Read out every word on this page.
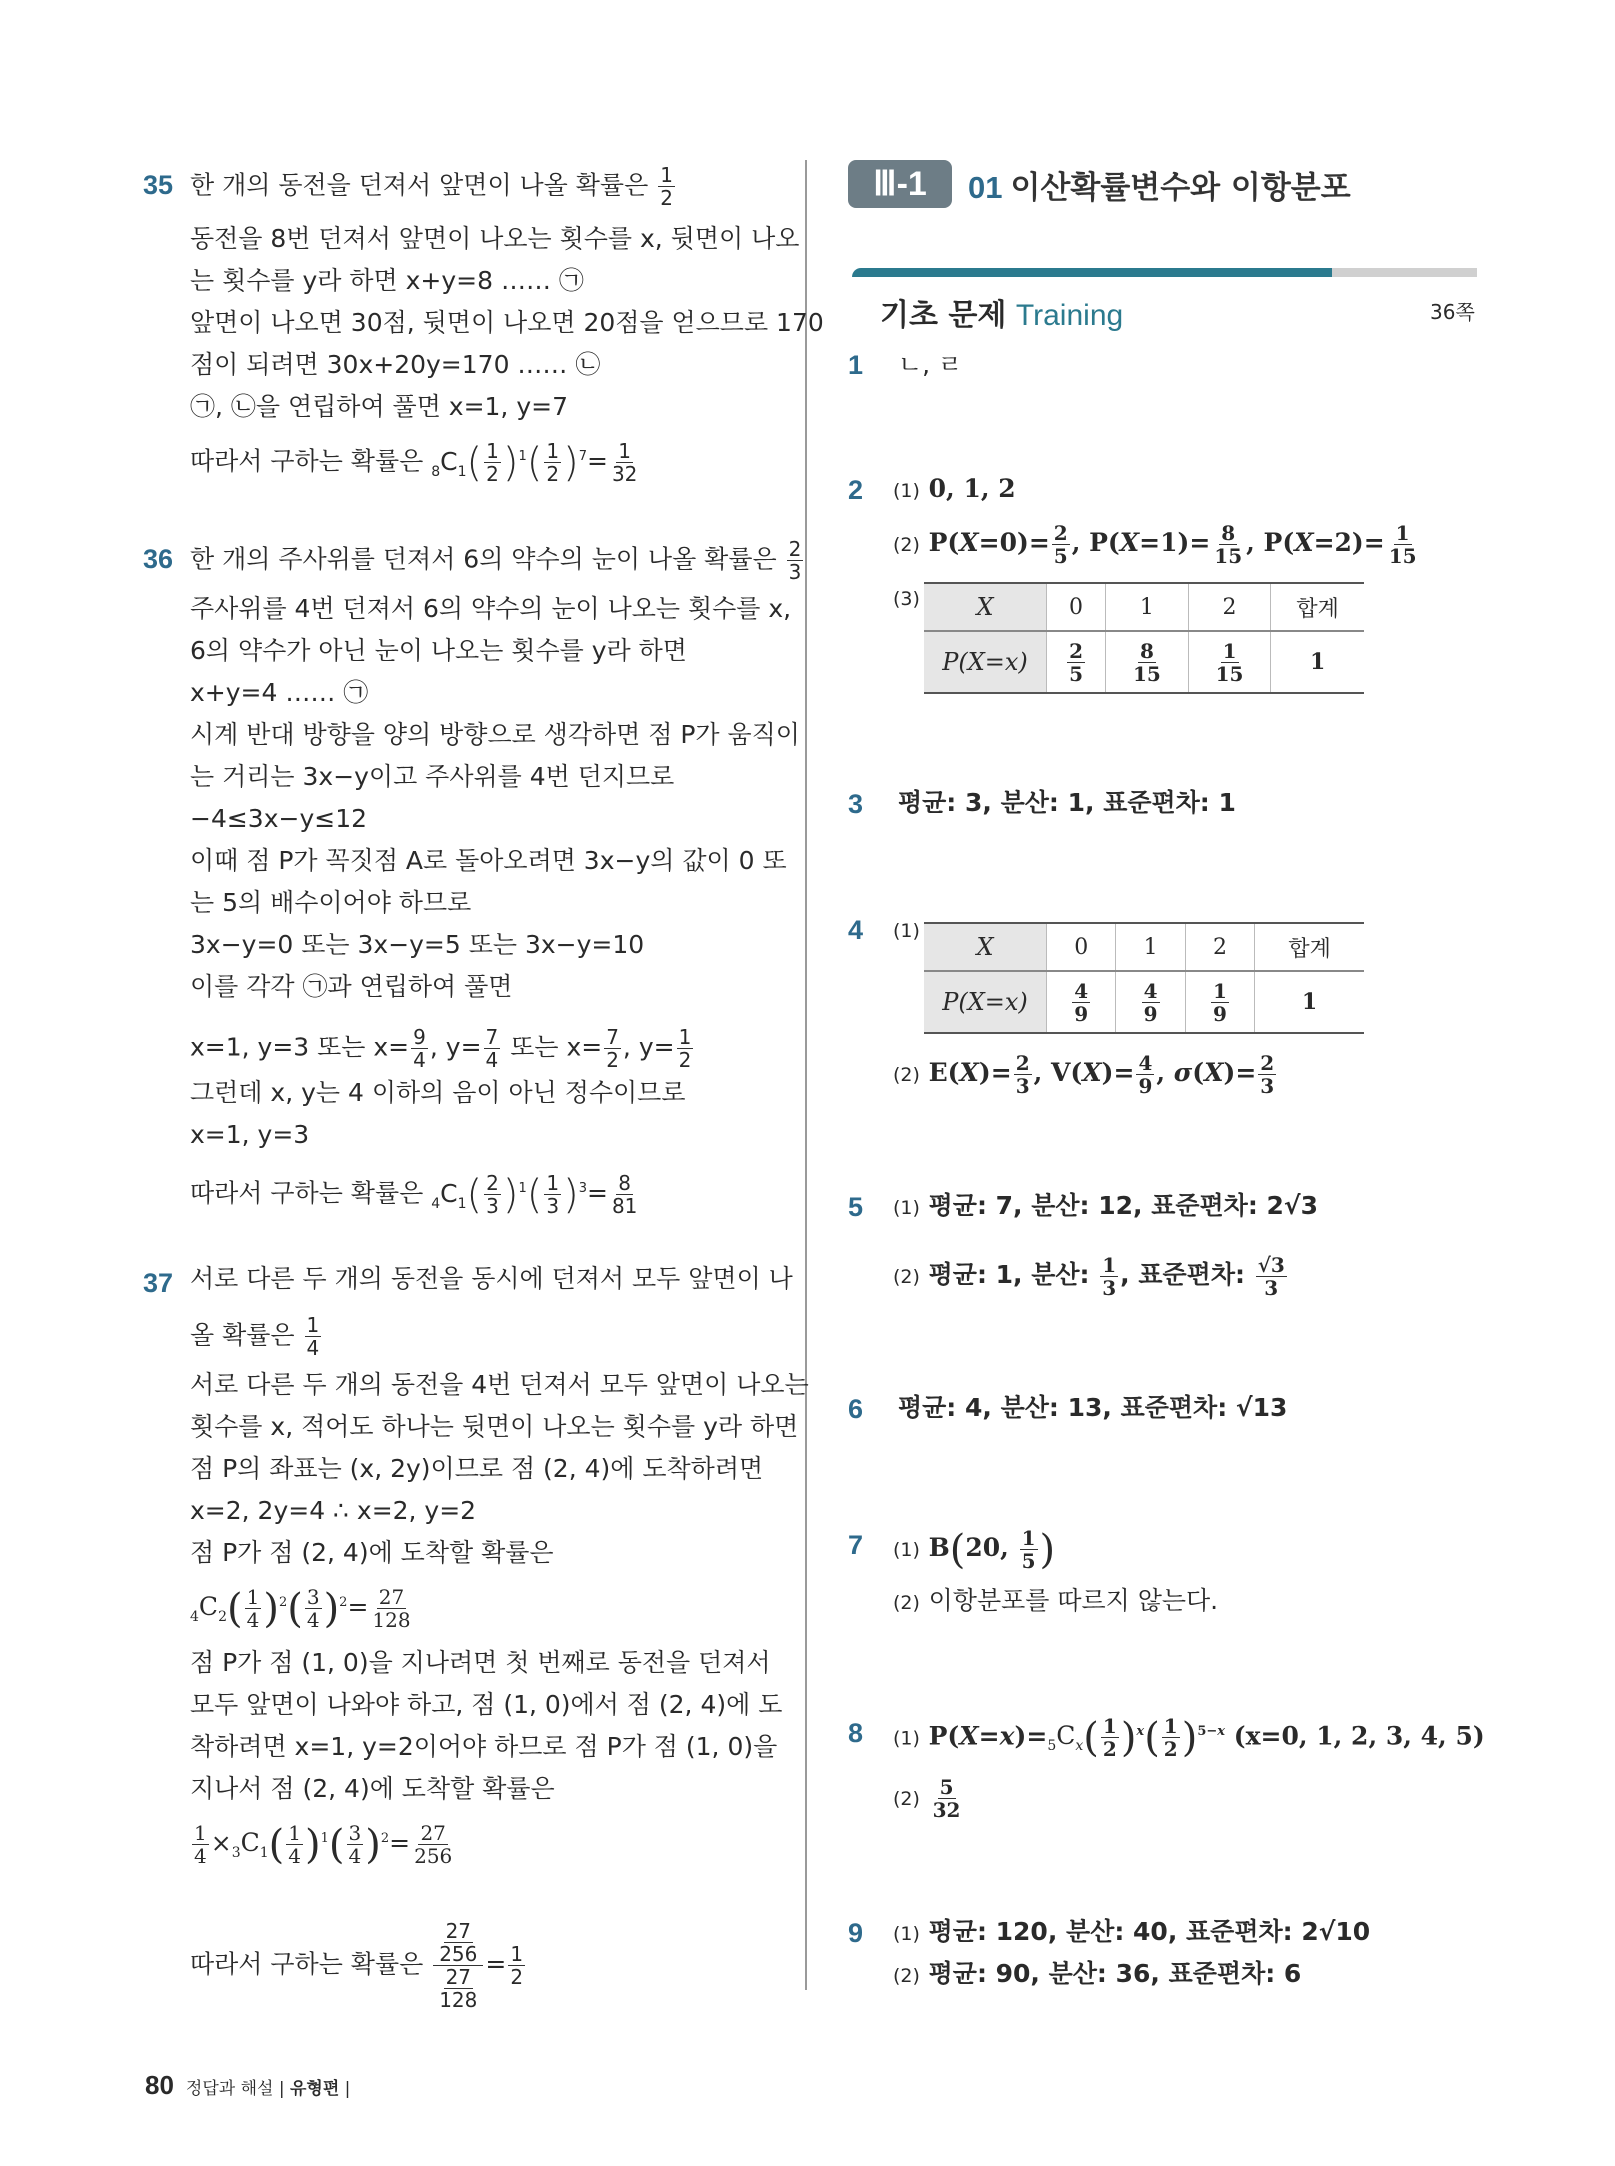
35 한 개의 동전을 던져서 앞면이 나올 확률은 $\frac{1}{2}$
동전을 8번 던져서 앞면이 나오는 횟수를 x, 뒷면이 나오
는 횟수를 y라 하면 x+y=8 …… ㉠
앞면이 나오면 30점, 뒷면이 나오면 20점을 얻으므로 170
점이 되려면 30x+20y=170 …… ㉡
㉠, ㉡을 연립하여 풀면 x=1, y=7
따라서 구하는 확률은 $_8C_1( \frac{1}{2} )^1( \frac{1}{2} )^7= \frac{1}{32}$
36 한 개의 주사위를 던져서 6의 약수의 눈이 나올 확률은 $\frac{2}{3}$
주사위를 4번 던져서 6의 약수의 눈이 나오는 횟수를 x,
6의 약수가 아닌 눈이 나오는 횟수를 y라 하면
x+y=4 …… ㉠
시계 반대 방향을 양의 방향으로 생각하면 점 P가 움직이
는 거리는 3x−y이고 주사위를 4번 던지므로
−4≤3x−y≤12
이때 점 P가 꼭짓점 A로 돌아오려면 3x−y의 값이 0 또
는 5의 배수이어야 하므로
3x−y=0 또는 3x−y=5 또는 3x−y=10
이를 각각 ㉠과 연립하여 풀면
x=1, y=3 또는 $x= \frac{9}{4}$ , $y= \frac{7}{4}$ 또는 $x= \frac{7}{2}$ , $y= \frac{1}{2}$
그런데 x, y는 4 이하의 음이 아닌 정수이므로
x=1, y=3
따라서 구하는 확률은 $_4C_1( \frac{2}{3} )^1( \frac{1}{3} )^3= \frac{8}{81}$
37 서로 다른 두 개의 동전을 동시에 던져서 모두 앞면이 나
올 확률은 $\frac{1}{4}$
서로 다른 두 개의 동전을 4번 던져서 모두 앞면이 나오는
횟수를 x, 적어도 하나는 뒷면이 나오는 횟수를 y라 하면
점 P의 좌표는 (x, 2y)이므로 점 (2, 4)에 도착하려면
x=2, 2y=4 ∴ x=2, y=2
점 P가 점 (2, 4)에 도착할 확률은
$_4C_2( \frac{1}{4} )^2( \frac{3}{4} )^2= \frac{27}{128}$
점 P가 점 (1, 0)을 지나려면 첫 번째로 동전을 던져서
모두 앞면이 나와야 하고, 점 (1, 0)에서 점 (2, 4)에 도
착하려면 x=1, y=2이어야 하므로 점 P가 점 (1, 0)을
지나서 점 (2, 4)에 도착할 확률은
$\frac{1}{4} \times_3C_1( \frac{1}{4} )^1( \frac{3}{4} )^2= \frac{27}{256}$
따라서 구하는 확률은 $\frac{\frac{27}{256}}{\frac{27}{128}} = \frac{1}{2}$
Ⅲ-1	01 이산확률변수와 이항분포
기초 문제 Training	36쪽
1 ㄴ, ㄹ
2 (1) 0, 1, 2
(2) $P(X=0)= \frac{2}{5}$ , $P(X=1)= \frac{8}{15}$ , $P(X=2)= \frac{1}{15}$
(3) X	0	1	2	합계
P(X=x)	$\frac{2}{5}$	$\frac{8}{15}$	$\frac{1}{15}$	1
3 평균: 3, 분산: 1, 표준편차: 1
4 (1)
X	0	1	2	합계
P(X=x)	$\frac{4}{9}$	$\frac{4}{9}$	$\frac{1}{9}$	1
(2) $E(X)= \frac{2}{3}$ , $V(X)= \frac{4}{9}$ , $\sigma(X)= \frac{2}{3}$
5 (1) 평균: 7, 분산: 12, 표준편차: 2√3
(2) 평균: 1, 분산: $\frac{1}{3}$ , 표준편차: $\frac{√3}{3}$
6 평균: 4, 분산: 13, 표준편차: √13
7 (1) B(20, $\frac{1}{5}$ )
(2) 이항분포를 따르지 않는다.
8 (1) $P(X=x)=_5C_x( \frac{1}{2} )^x( \frac{1}{2} )^{5-x}$ (x=0, 1, 2, 3, 4, 5)
$(2) \frac{5}{32}$
9 (1) 평균: 120, 분산: 40, 표준편차: 2√10
(2) 평균: 90, 분산: 36, 표준편차: 6
80 정답과 해설 | 유형편 |
